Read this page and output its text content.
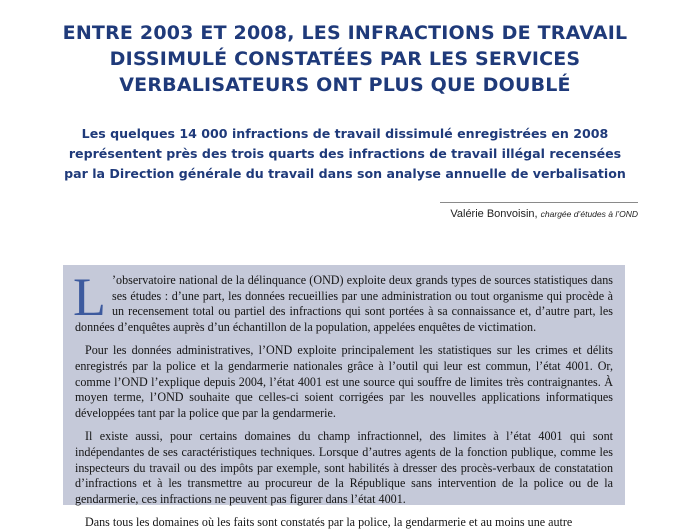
ENTRE 2003 ET 2008, LES INFRACTIONS DE TRAVAIL
DISSIMULÉ CONSTATÉES PAR LES SERVICES
VERBALISATEURS ONT PLUS QUE DOUBLÉ
Les quelques 14 000 infractions de travail dissimulé enregistrées en 2008
représentent près des trois quarts des infractions de travail illégal recensées
par la Direction générale du travail dans son analyse annuelle de verbalisation
Valérie Bonvoisin, chargée d’études à l’OND

L ’observatoire national de la délinquance (OND) exploite deux grands types de sources statistiques dans ses études : d’une part, les données recueillies par une administration ou tout organisme qui procède à un recensement total ou partiel des infractions qui sont portées à sa connaissance et, d’autre part, les données d’enquêtes auprès d’un échantillon de la population, appelées enquêtes de victimation.

Pour les données administratives, l’OND exploite principalement les statistiques sur les crimes et délits enregistrés par la police et la gendarmerie nationales grâce à l’outil qui leur est commun, l’état 4001. Or, comme l’OND l’explique depuis 2004, l’état 4001 est une source qui souffre de limites très contraignantes. À moyen terme, l’OND souhaite que celles-ci soient corrigées par les nouvelles applications informatiques développées tant par la police que par la gendarmerie.

Il existe aussi, pour certains domaines du champ infractionnel, des limites à l’état 4001 qui sont indépendantes de ses caractéristiques techniques. Lorsque d’autres agents de la fonction publique, comme les inspecteurs du travail ou des impôts par exemple, sont habilités à dresser des procès-verbaux de constatation d’infractions et à les transmettre au procureur de la République sans intervention de la police ou de la gendarmerie, ces infractions ne peuvent pas figurer dans l’état 4001.

Dans tous les domaines où les faits sont constatés par la police, la gendarmerie et au moins une autre
